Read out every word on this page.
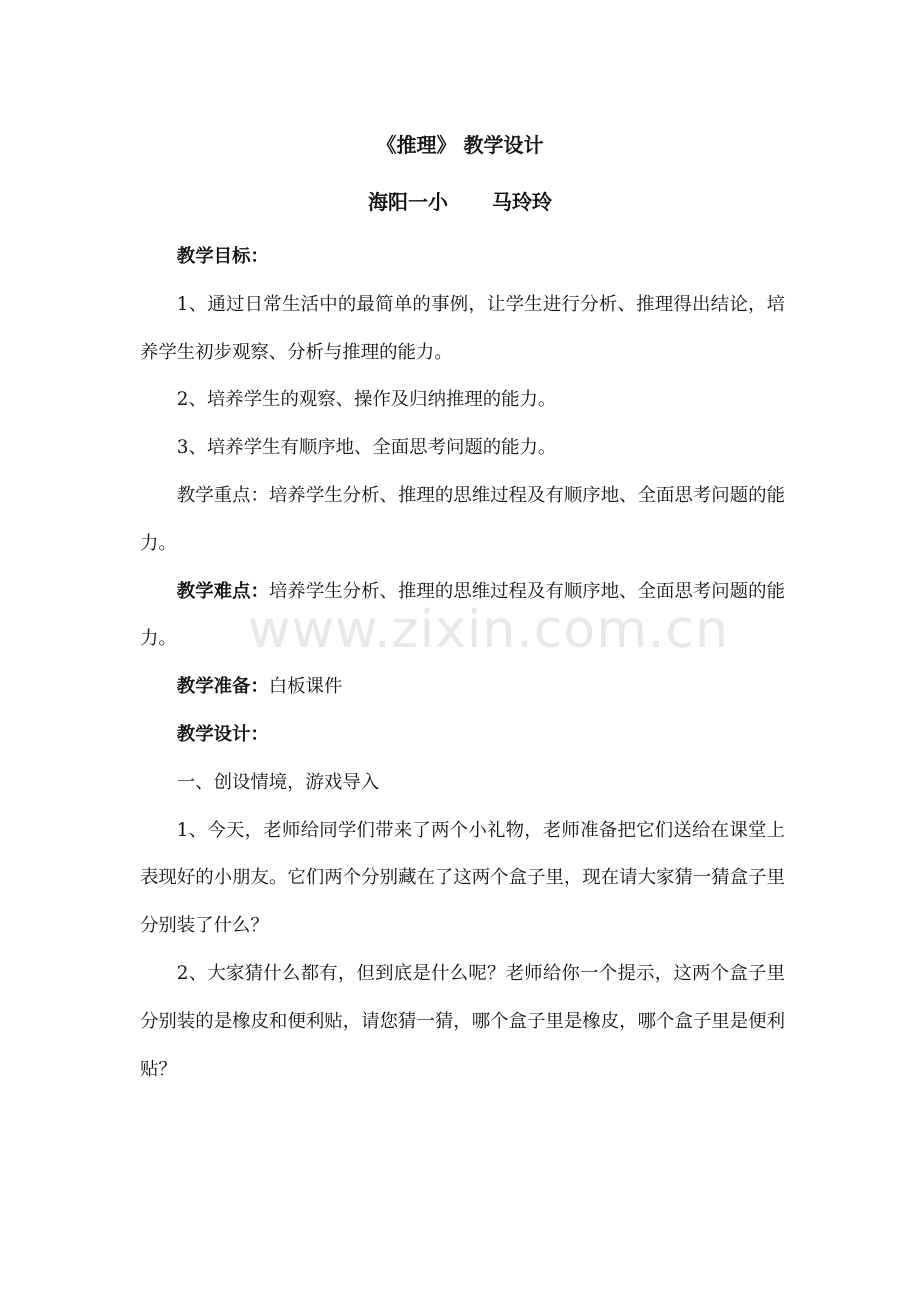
《推理》 教学设计
海阳一小 马玲玲

教学目标：

1、通过日常生活中的最简单的事例，让学生进行分析、推理得出结论，培养学生初步观察、分析与推理的能力。

2、培养学生的观察、操作及归纳推理的能力。

3、培养学生有顺序地、全面思考问题的能力。

教学重点：培养学生分析、推理的思维过程及有顺序地、全面思考问题的能力。

教学难点：培养学生分析、推理的思维过程及有顺序地、全面思考问题的能力。

教学准备：白板课件

教学设计：

一、创设情境，游戏导入

1、今天，老师给同学们带来了两个小礼物，老师准备把它们送给在课堂上表现好的小朋友。它们两个分别藏在了这两个盒子里，现在请大家猜一猜盒子里分别装了什么？

2、大家猜什么都有，但到底是什么呢？老师给你一个提示，这两个盒子里分别装的是橡皮和便利贴，请您猜一猜，哪个盒子里是橡皮，哪个盒子里是便利贴？

www.zixin.com.cn
